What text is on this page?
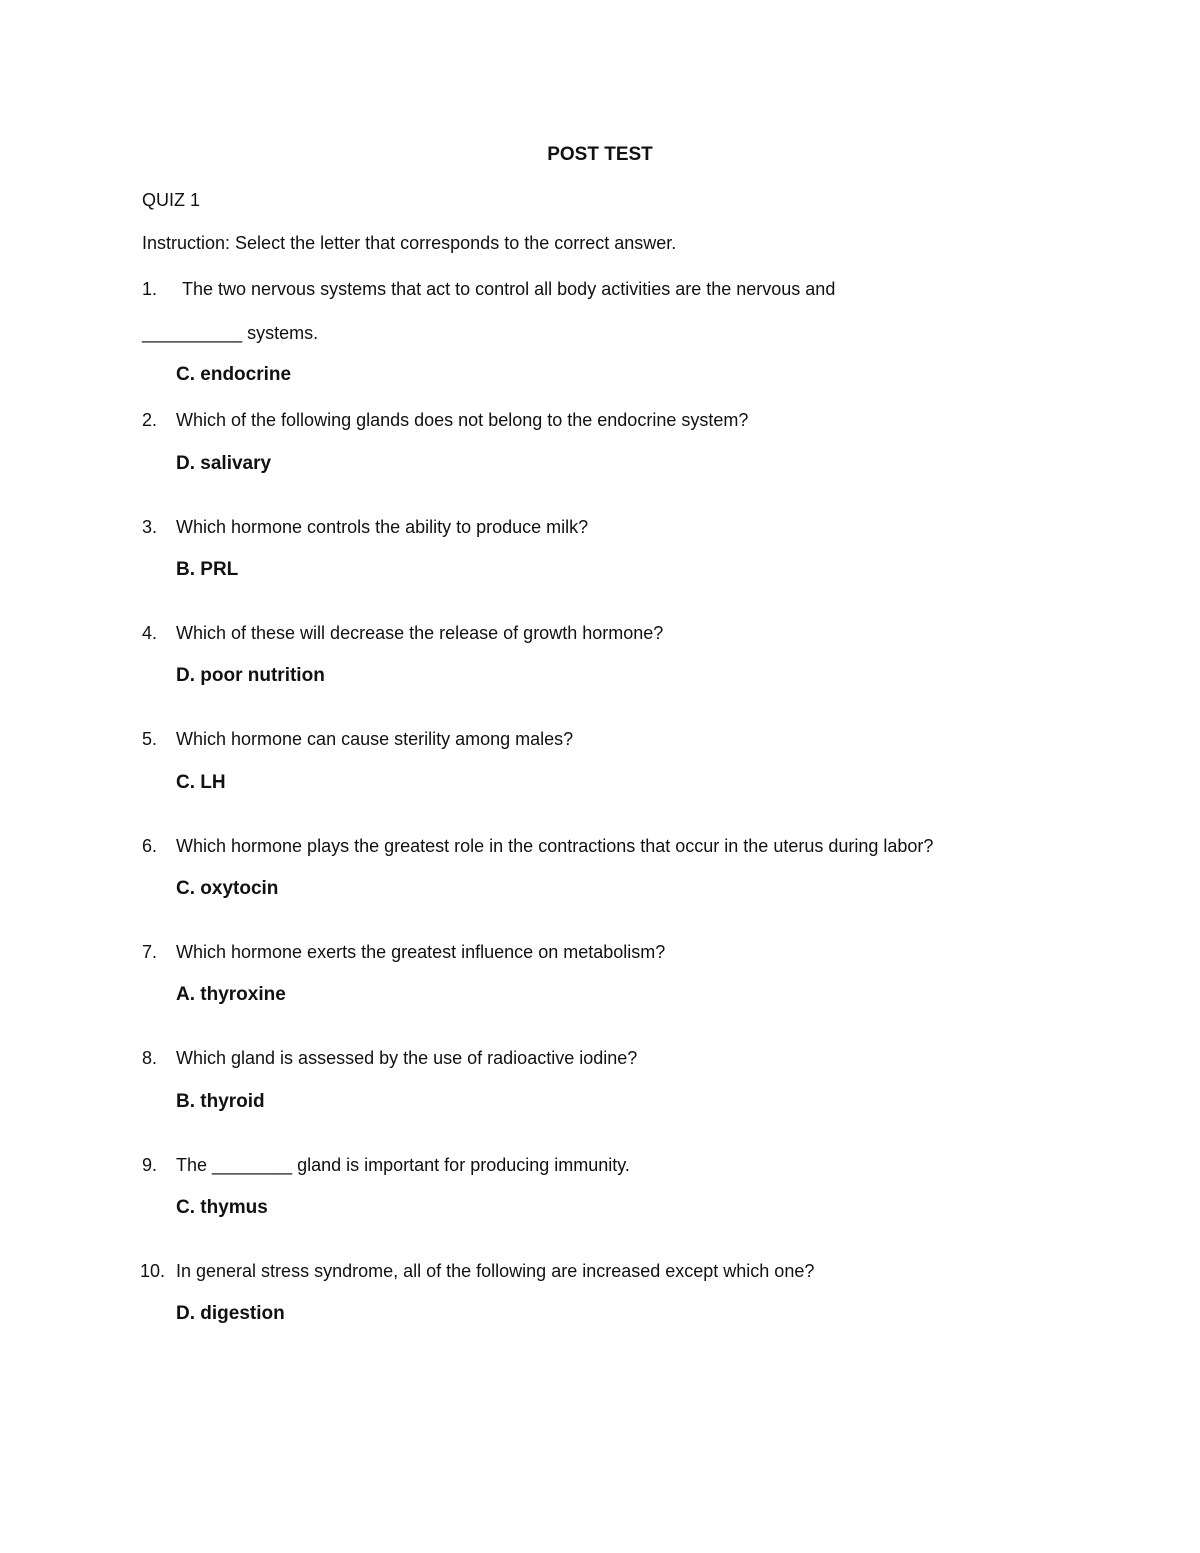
POST TEST
QUIZ 1
Instruction: Select the letter that corresponds to the correct answer.
1. The two nervous systems that act to control all body activities are the nervous and
__________ systems.
C. endocrine
2. Which of the following glands does not belong to the endocrine system?
D. salivary
3. Which hormone controls the ability to produce milk?
B. PRL
4. Which of these will decrease the release of growth hormone?
D. poor nutrition
5. Which hormone can cause sterility among males?
C. LH
6. Which hormone plays the greatest role in the contractions that occur in the uterus during labor?
C. oxytocin
7. Which hormone exerts the greatest influence on metabolism?
A. thyroxine
8. Which gland is assessed by the use of radioactive iodine?
B. thyroid
9. The ________ gland is important for producing immunity.
C. thymus
10. In general stress syndrome, all of the following are increased except which one?
D. digestion
